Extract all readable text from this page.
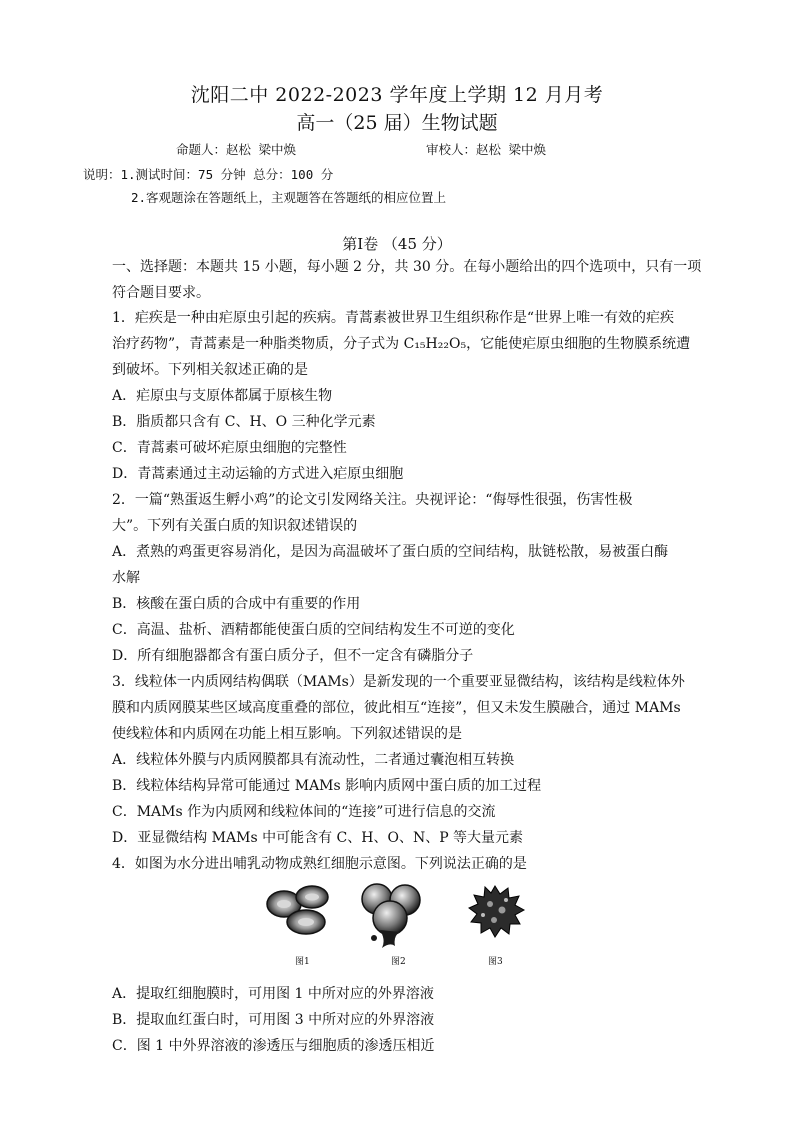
沈阳二中 2022-2023 学年度上学期 12 月月考
高一（25 届）生物试题
命题人：赵松 梁中焕	审校人：赵松 梁中焕
说明：1.测试时间：75 分钟 总分：100 分
2.客观题涂在答题纸上，主观题答在答题纸的相应位置上
第Ⅰ卷 （45 分）
一、选择题：本题共 15 小题，每小题 2 分，共 30 分。在每小题给出的四个选项中，只有一项
符合题目要求。
1．疟疾是一种由疟原虫引起的疾病。青蒿素被世界卫生组织称作是“世界上唯一有效的疟疾
治疗药物”，青蒿素是一种脂类物质，分子式为 C₁₅H₂₂O₅，它能使疟原虫细胞的生物膜系统遭
到破坏。下列相关叙述正确的是
A．疟原虫与支原体都属于原核生物
B．脂质都只含有 C、H、O 三种化学元素
C．青蒿素可破坏疟原虫细胞的完整性
D．青蒿素通过主动运输的方式进入疟原虫细胞
2．一篇“熟蛋返生孵小鸡”的论文引发网络关注。央视评论：“侮辱性很强，伤害性极
大”。下列有关蛋白质的知识叙述错误的
A．煮熟的鸡蛋更容易消化，是因为高温破坏了蛋白质的空间结构，肽链松散，易被蛋白酶
水解
B．核酸在蛋白质的合成中有重要的作用
C．高温、盐析、酒精都能使蛋白质的空间结构发生不可逆的变化
D．所有细胞器都含有蛋白质分子，但不一定含有磷脂分子
3．线粒体一内质网结构偶联（MAMs）是新发现的一个重要亚显微结构，该结构是线粒体外
膜和内质网膜某些区域高度重叠的部位，彼此相互“连接”，但又未发生膜融合，通过 MAMs
使线粒体和内质网在功能上相互影响。下列叙述错误的是
A．线粒体外膜与内质网膜都具有流动性，二者通过囊泡相互转换
B．线粒体结构异常可能通过 MAMs 影响内质网中蛋白质的加工过程
C．MAMs 作为内质网和线粒体间的“连接”可进行信息的交流
D．亚显微结构 MAMs 中可能含有 C、H、O、N、P 等大量元素
4．如图为水分进出哺乳动物成熟红细胞示意图。下列说法正确的是
图1	图2	图3
A．提取红细胞膜时，可用图 1 中所对应的外界溶液
B．提取血红蛋白时，可用图 3 中所对应的外界溶液
C．图 1 中外界溶液的渗透压与细胞质的渗透压相近
